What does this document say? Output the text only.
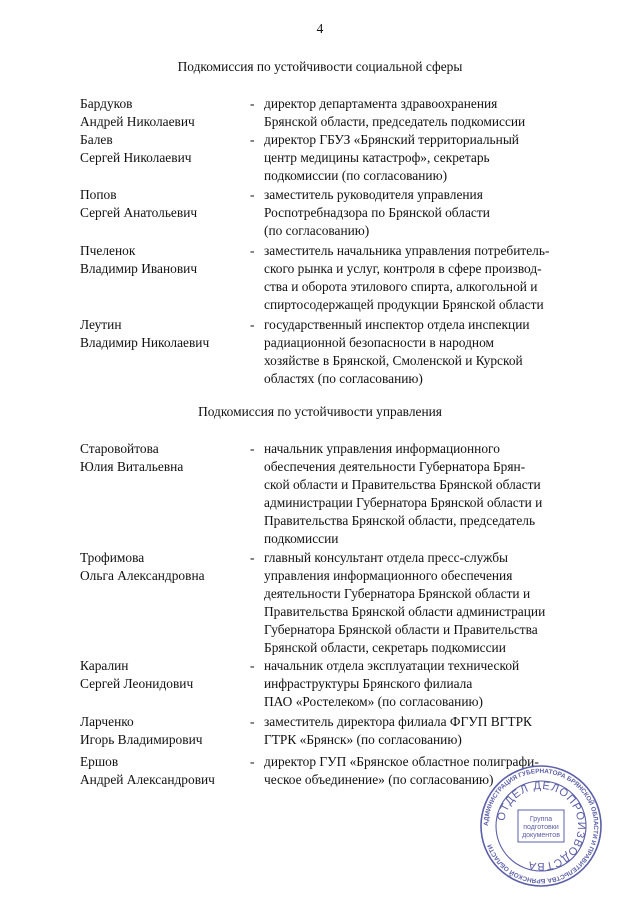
4
Подкомиссия по устойчивости социальной сферы
Бардуков
Андрей Николаевич
- директор департамента здравоохранения
Брянской области, председатель подкомиссии
Балев
Сергей Николаевич
- директор ГБУЗ «Брянский территориальный
центр медицины катастроф», секретарь
подкомиссии (по согласованию)
Попов
Сергей Анатольевич
- заместитель руководителя управления
Роспотребнадзора по Брянской области
(по согласованию)
Пчеленок
Владимир Иванович
- заместитель начальника управления потребитель-
ского рынка и услуг, контроля в сфере производ-
ства и оборота этилового спирта, алкогольной и
спиртосодержащей продукции Брянской области
Леутин
Владимир Николаевич
- государственный инспектор отдела инспекции
радиационной безопасности в народном
хозяйстве в Брянской, Смоленской и Курской
областях (по согласованию)
Подкомиссия по устойчивости управления
Старовойтова
Юлия Витальевна
- начальник управления информационного
обеспечения деятельности Губернатора Брян-
ской области и Правительства Брянской области
администрации Губернатора Брянской области и
Правительства Брянской области, председатель
подкомиссии
Трофимова
Ольга Александровна
- главный консультант отдела пресс-службы
управления информационного обеспечения
деятельности Губернатора Брянской области и
Правительства Брянской области администрации
Губернатора Брянской области и Правительства
Брянской области, секретарь подкомиссии
Каралин
Сергей Леонидович
- начальник отдела эксплуатации технической
инфраструктуры Брянского филиала
ПАО «Ростелеком» (по согласованию)
Ларченко
Игорь Владимирович
- заместитель директора филиала ФГУП ВГТРК
ГТРК «Брянск» (по согласованию)
Ершов
Андрей Александрович
- директор ГУП «Брянское областное полиграфи-
ческое объединение» (по согласованию)
АДМИНИСТРАЦИЯ ГУБЕРНАТОРА БРЯНСКОЙ ОБЛАСТИ И ПРАВИТЕЛЬСТВА БРЯНСКОЙ ОБЛАСТИ
ОТДЕЛ ДЕЛОПРОИЗВОДСТВА
Группа
подготовки
документов
